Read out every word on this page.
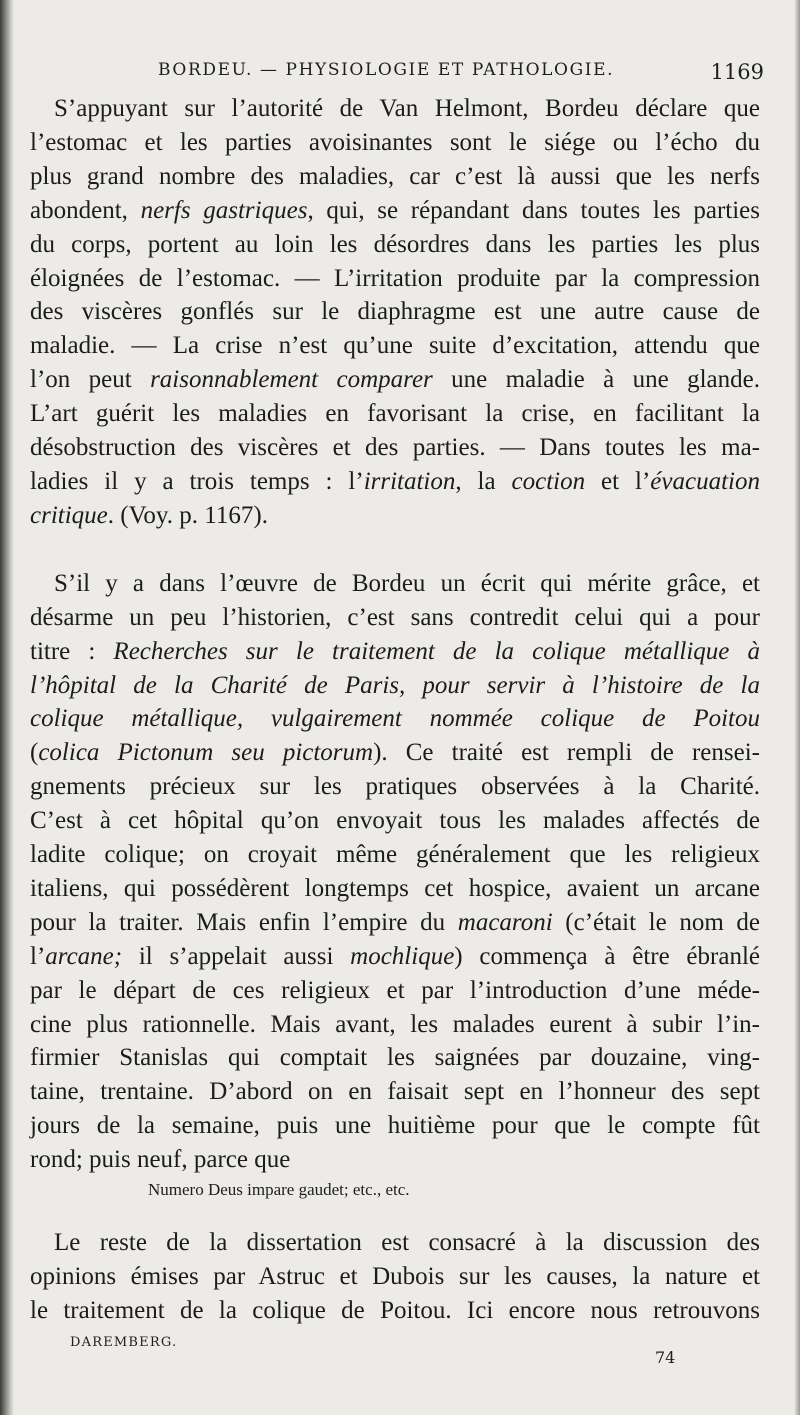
BORDEU. — PHYSIOLOGIE ET PATHOLOGIE.	1169
S’appuyant sur l’autorité de Van Helmont, Bordeu déclare que
l’estomac et les parties avoisinantes sont le siége ou l’écho du
plus grand nombre des maladies, car c’est là aussi que les nerfs
abondent, nerfs gastriques, qui, se répandant dans toutes les parties
du corps, portent au loin les désordres dans les parties les plus
éloignées de l’estomac. — L’irritation produite par la compression
des viscères gonflés sur le diaphragme est une autre cause de
maladie. — La crise n’est qu’une suite d’excitation, attendu que
l’on peut raisonnablement comparer une maladie à une glande.
L’art guérit les maladies en favorisant la crise, en facilitant la
désobstruction des viscères et des parties. — Dans toutes les ma-
ladies il y a trois temps : l’irritation, la coction et l’évacuation
critique. (Voy. p. 1167).
S’il y a dans l’œuvre de Bordeu un écrit qui mérite grâce, et
désarme un peu l’historien, c’est sans contredit celui qui a pour
titre : Recherches sur le traitement de la colique métallique à
l’hôpital de la Charité de Paris, pour servir à l’histoire de la
colique métallique, vulgairement nommée colique de Poitou
(colica Pictonum seu pictorum). Ce traité est rempli de rensei-
gnements précieux sur les pratiques observées à la Charité.
C’est à cet hôpital qu’on envoyait tous les malades affectés de
ladite colique; on croyait même généralement que les religieux
italiens, qui possédèrent longtemps cet hospice, avaient un arcane
pour la traiter. Mais enfin l’empire du macaroni (c’était le nom de
l’arcane; il s’appelait aussi mochlique) commença à être ébranlé
par le départ de ces religieux et par l’introduction d’une méde-
cine plus rationnelle. Mais avant, les malades eurent à subir l’in-
firmier Stanislas qui comptait les saignées par douzaine, ving-
taine, trentaine. D’abord on en faisait sept en l’honneur des sept
jours de la semaine, puis une huitième pour que le compte fût
rond; puis neuf, parce que
Numero Deus impare gaudet; etc., etc.
Le reste de la dissertation est consacré à la discussion des
opinions émises par Astruc et Dubois sur les causes, la nature et
le traitement de la colique de Poitou. Ici encore nous retrouvons
DAREMBERG.
74
